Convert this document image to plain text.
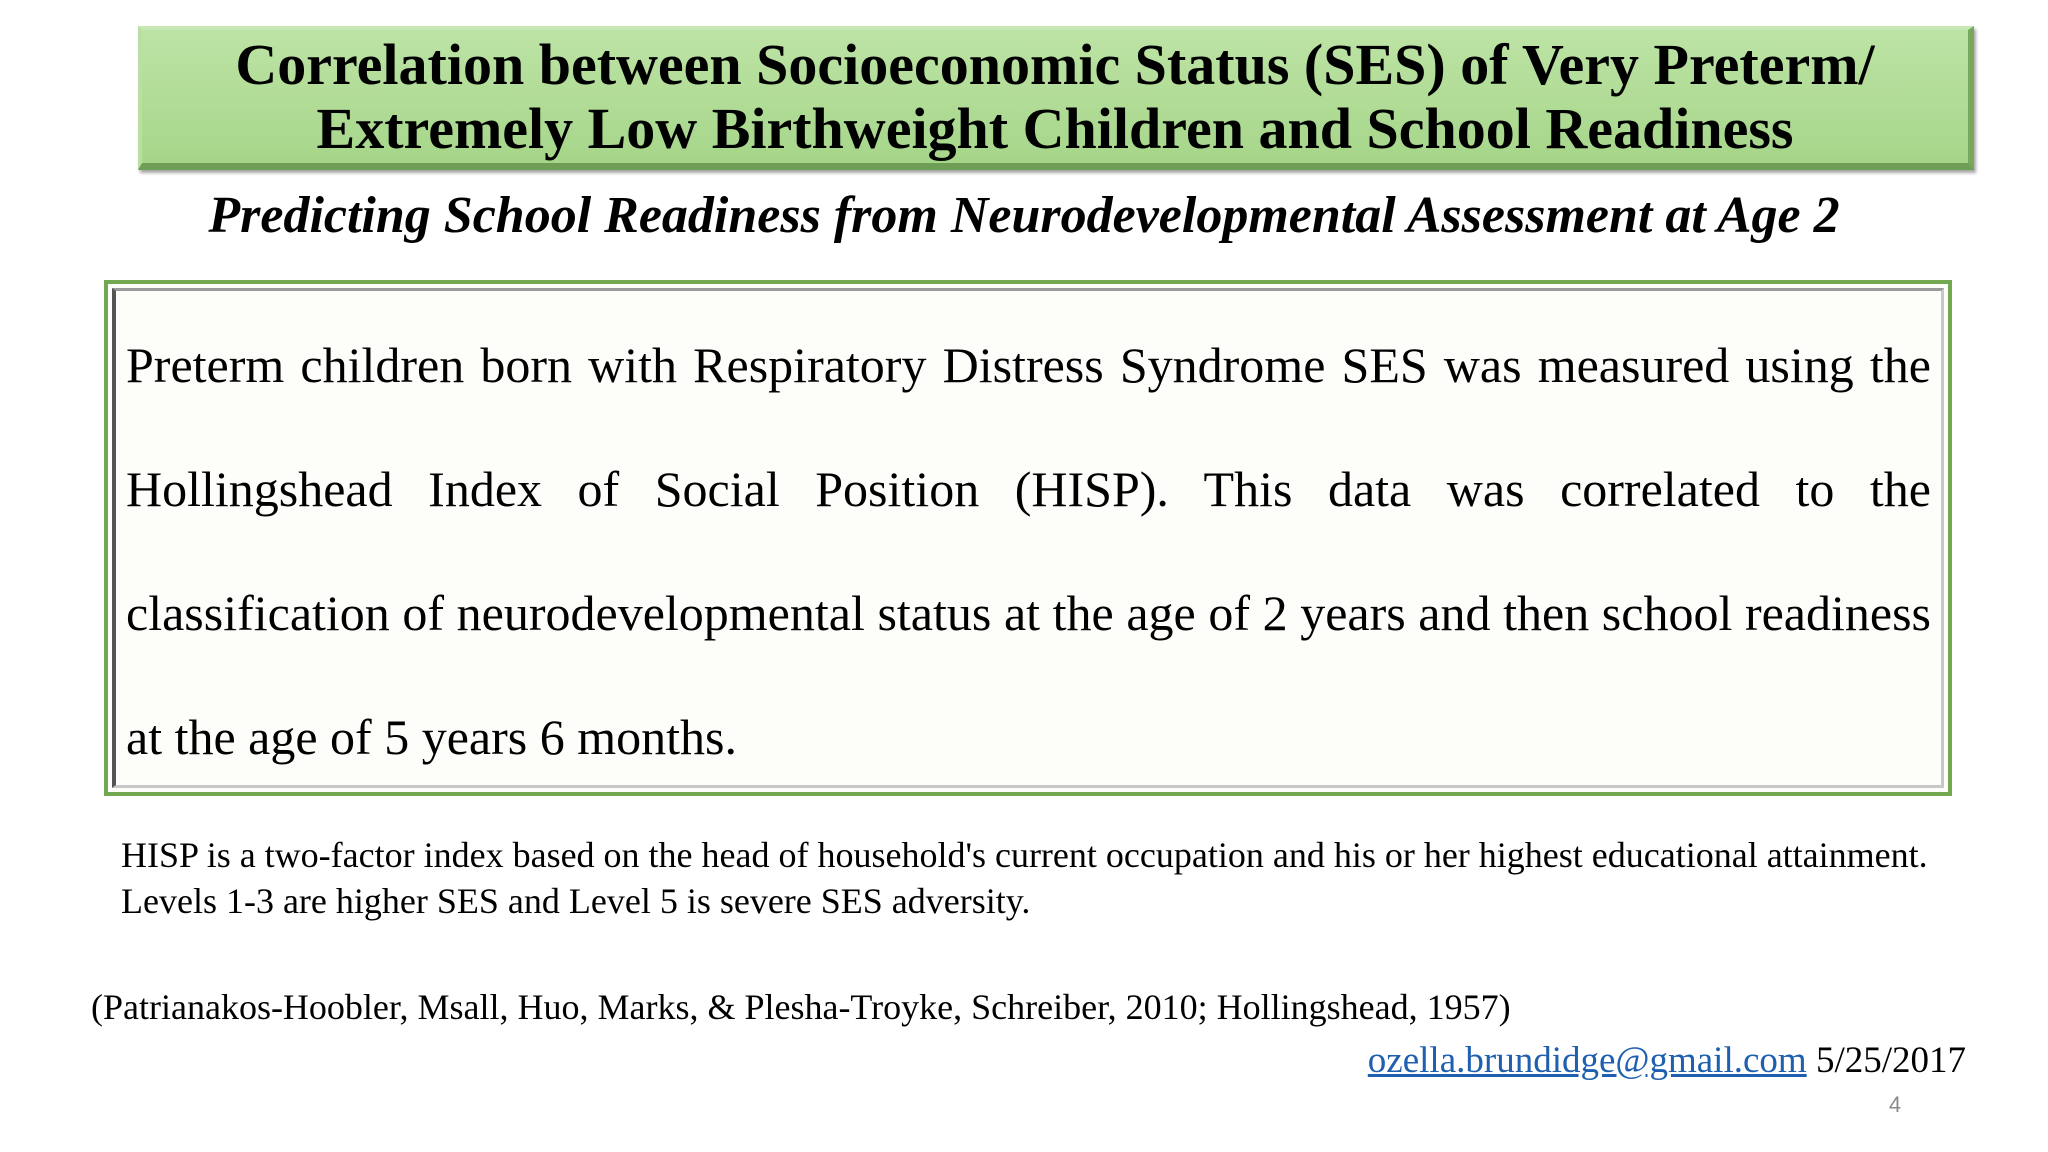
Correlation between Socioeconomic Status (SES) of Very Preterm/
Extremely Low Birthweight Children and School Readiness
Predicting School Readiness from Neurodevelopmental Assessment at Age 2

Preterm children born with Respiratory Distress Syndrome SES was measured using the Hollingshead Index of Social Position (HISP). This data was correlated to the classification of neurodevelopmental status at the age of 2 years and then school readiness at the age of 5 years 6 months.

HISP is a two-factor index based on the head of household's current occupation and his or her highest educational attainment. Levels 1-3 are higher SES and Level 5 is severe SES adversity.
(Patrianakos-Hoobler, Msall, Huo, Marks, & Plesha-Troyke, Schreiber, 2010; Hollingshead, 1957)
ozella.brundidge@gmail.com 5/25/2017
4
